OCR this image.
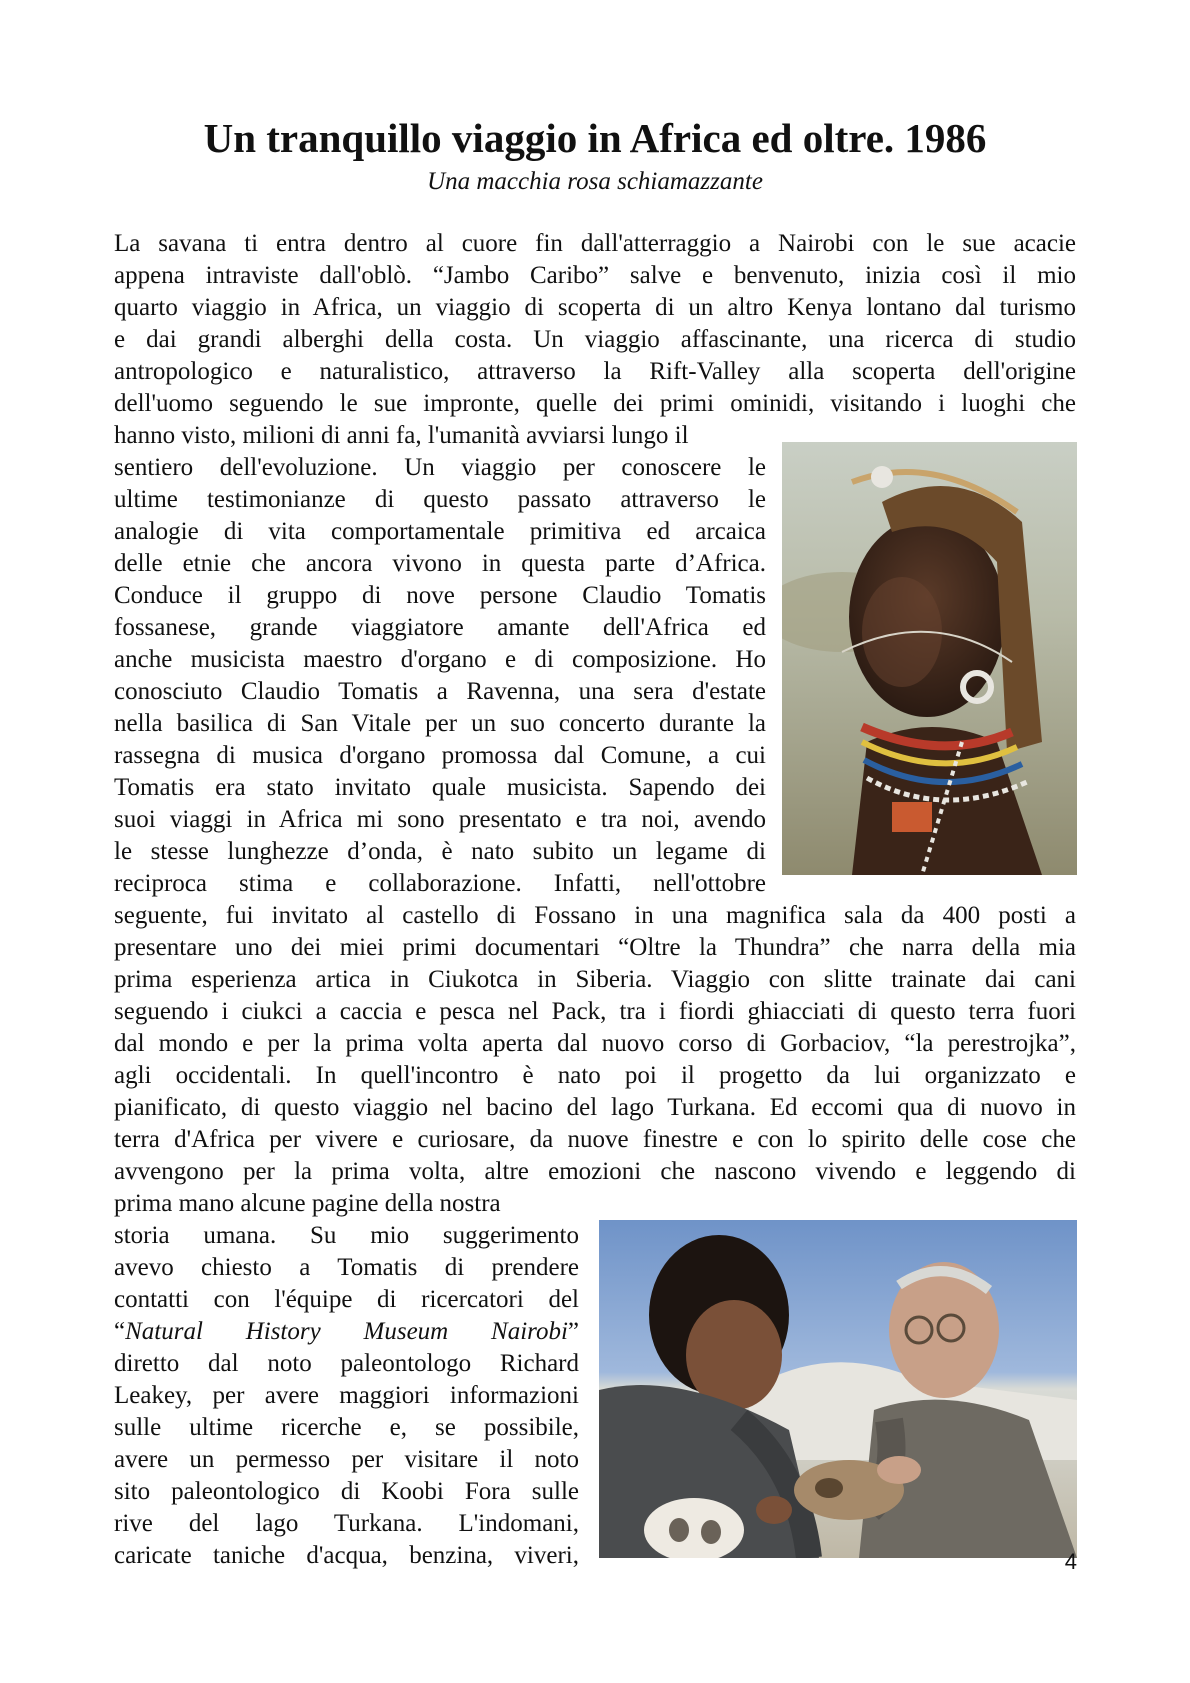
Un tranquillo viaggio in Africa ed oltre. 1986

Una macchia rosa schiamazzante

La savana ti entra dentro al cuore fin dall'atterraggio a Nairobi con le sue acacie

appena intraviste dall'oblò. “Jambo Caribo” salve e benvenuto, inizia così il mio

quarto viaggio in Africa, un viaggio di scoperta di un altro Kenya lontano dal turismo

e dai grandi alberghi della costa. Un viaggio affascinante, una ricerca di studio

antropologico e naturalistico, attraverso la Rift-Valley alla scoperta dell'origine

dell'uomo seguendo le sue impronte, quelle dei primi ominidi, visitando i luoghi che

hanno visto, milioni di anni fa, l'umanità avviarsi lungo il

sentiero dell'evoluzione. Un viaggio per conoscere le

ultime testimonianze di questo passato attraverso le

analogie di vita comportamentale primitiva ed arcaica

delle etnie che ancora vivono in questa parte d’Africa.

Conduce il gruppo di nove persone Claudio Tomatis

fossanese, grande viaggiatore amante dell'Africa ed

anche musicista maestro d'organo e di composizione. Ho

conosciuto Claudio Tomatis a Ravenna, una sera d'estate

nella basilica di San Vitale per un suo concerto durante la

rassegna di musica d'organo promossa dal Comune, a cui

Tomatis era stato invitato quale musicista. Sapendo dei

suoi viaggi in Africa mi sono presentato e tra noi, avendo

le stesse lunghezze d’onda, è nato subito un legame di

reciproca stima e collaborazione. Infatti, nell'ottobre

seguente, fui invitato al castello di Fossano in una magnifica sala da 400 posti a

presentare uno dei miei primi documentari “Oltre la Thundra” che narra della mia

prima esperienza artica in Ciukotca in Siberia. Viaggio con slitte trainate dai cani

seguendo i ciukci a caccia e pesca nel Pack, tra i fiordi ghiacciati di questo terra fuori

dal mondo e per la prima volta aperta dal nuovo corso di Gorbaciov, “la perestrojka”,

agli occidentali. In quell'incontro è nato poi il progetto da lui organizzato e

pianificato, di questo viaggio nel bacino del lago Turkana. Ed eccomi qua di nuovo in

terra d'Africa per vivere e curiosare, da nuove finestre e con lo spirito delle cose che

avvengono per la prima volta, altre emozioni che nascono vivendo e leggendo di

prima mano alcune pagine della nostra

storia umana. Su mio suggerimento

avevo chiesto a Tomatis di prendere

contatti con l'équipe di ricercatori del

“Natural History Museum Nairobi”

diretto dal noto paleontologo Richard

Leakey, per avere maggiori informazioni

sulle ultime ricerche e, se possibile,

avere un permesso per visitare il noto

sito paleontologico di Koobi Fora sulle

rive del lago Turkana. L'indomani,

caricate taniche d'acqua, benzina, viveri,	4
